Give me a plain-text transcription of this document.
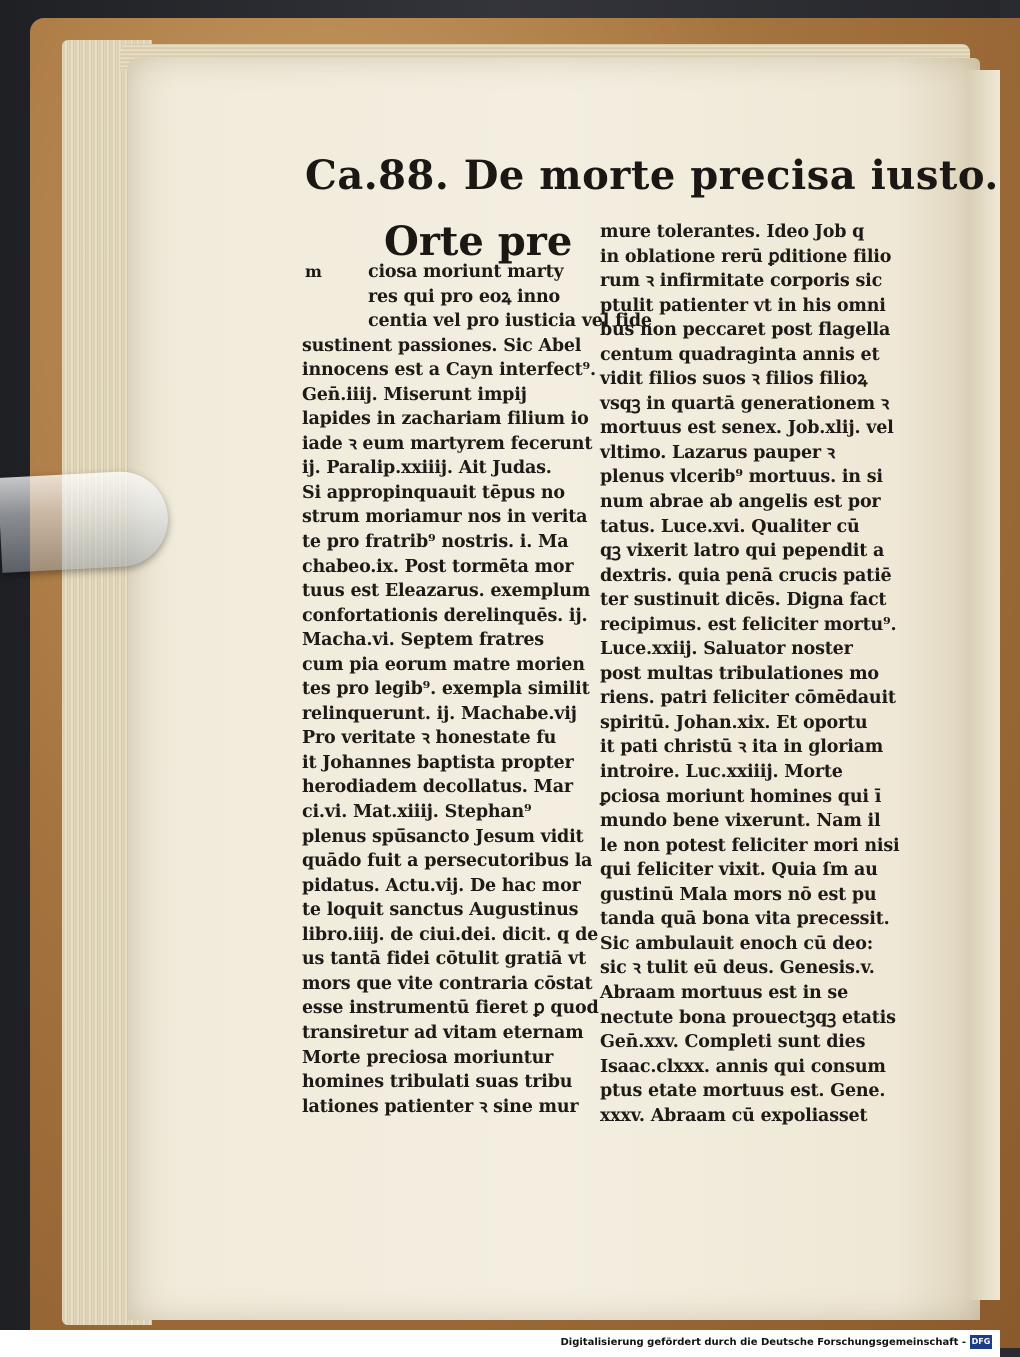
Ca.88. De morte precisa iusto.
Orte pre
m	ciosa moriunt marty
res qui pro eoꝝ inno
centia vel pro iusticia vel fide
sustinent passiones. Sic Abel
innocens est a Cayn interfect⁹.
Gen̄.iiij. Miserunt impij
lapides in zachariam filium io
iade ꝛ eum martyrem fecerunt
ij. Paralip.xxiiij. Ait Judas.
Si appropinquauit tēpus no
strum moriamur nos in verita
te pro fratrib⁹ nostris. i. Ma
chabeo.ix. Post tormēta mor
tuus est Eleazarus. exemplum
confortationis derelinquēs. ij.
Macha.vi. Septem fratres
cum pia eorum matre morien
tes pro legib⁹. exempla similit
relinquerunt. ij. Machabe.vij
Pro veritate ꝛ honestate fu
it Johannes baptista propter
herodiadem decollatus. Mar
ci.vi. Mat.xiiij. Stephan⁹
plenus spū̄sancto Jesum vidit
quādo fuit a persecutoribus la
pidatus. Actu.vij. De hac mor
te loquit sanctus Augustinus
libro.iiij. de ciui.dei. dicit. q de
us tantā fidei cōtulit gratiā vt
mors que vite contraria cōstat
esse instrumentū fieret ꝑ quod
transiretur ad vitam eternam
Morte preciosa moriuntur
homines tribulati suas tribu
lationes patienter ꝛ sine mur
mure tolerantes. Ideo Job q
in oblatione rerū ꝑditione filio
rum ꝛ infirmitate corporis sic
ptulit patienter vt in his omni
bus non peccaret post flagella
centum quadraginta annis et
vidit filios suos ꝛ filios filioꝝ
vsqꝫ in quartā generationem ꝛ
mortuus est senex. Job.xlij. vel
vltimo. Lazarus pauper ꝛ
plenus vlcerib⁹ mortuus. in si
num abrae ab angelis est por
tatus. Luce.xvi. Qualiter cū
qꝫ vixerit latro qui pependit a
dextris. quia penā crucis patiē
ter sustinuit dicēs. Digna fact
recipimus. est feliciter mortu⁹.
Luce.xxiij. Saluator noster
post multas tribulationes mo
riens. patri feliciter cōmēdauit
spiritū. Johan.xix. Et oportu
it pati christū ꝛ ita in gloriam
introire. Luc.xxiiij. Morte
ꝑciosa moriunt homines qui ī
mundo bene vixerunt. Nam il
le non potest feliciter mori nisi
qui feliciter vixit. Quia ſm au
gustinū Mala mors nō est pu
tanda quā bona vita precessit.
Sic ambulauit enoch cū deo:
sic ꝛ tulit eū deus. Genesis.v.
Abraam mortuus est in se
nectute bona prouectꝫqꝫ etatis
Gen̄.xxv. Completi sunt dies
Isaac.clxxx. annis qui consum
ptus etate mortuus est. Gene.
xxxv. Abraam cū expoliasset
Digitalisierung gefördert durch die Deutsche Forschungsgemeinschaft - DFG
